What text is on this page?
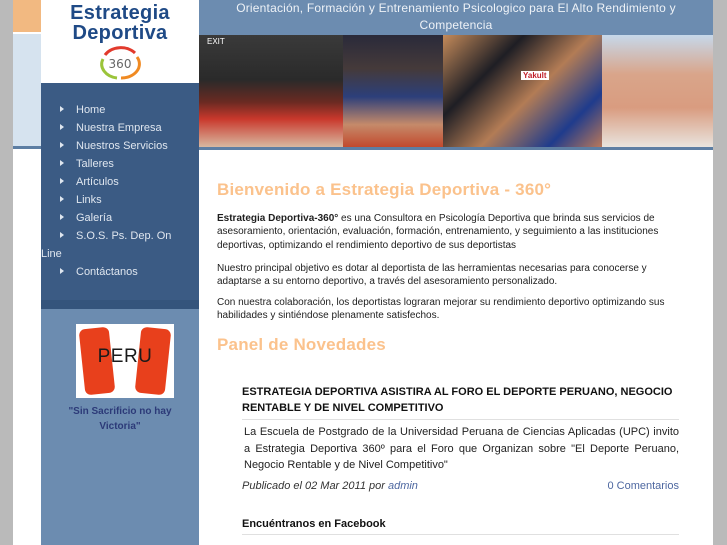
Estrategia
Deportiva
360
Home
Nuestra Empresa
Nuestros Servicios
Talleres
Artículos
Links
Galería
S.O.S. Ps. Dep. On
Line
Contáctanos
PERU
"Sin Sacrificio no hay Victoria"
Orientación, Formación y Entrenamiento Psicologico para El Alto Rendimiento y Competencia
EXIT
Yakult
Bienvenido a Estrategia Deportiva - 360°

Estrategia Deportiva-360° es una Consultora en Psicología Deportiva que brinda sus servicios de asesoramiento, orientación, evaluación, formación, entrenamiento, y seguimiento a las instituciones deportivas, optimizando el rendimiento deportivo de sus deportistas

Nuestro principal objetivo es dotar al deportista de las herramientas necesarias para conocerse y adaptarse a su entorno deportivo, a través del asesoramiento personalizado.

Con nuestra colaboración, los deportistas lograran mejorar su rendimiento deportivo optimizando sus habilidades y sintiéndose plenamente satisfechos.

Panel de Novedades
ESTRATEGIA DEPORTIVA ASISTIRA AL FORO EL DEPORTE PERUANO, NEGOCIO RENTABLE Y DE NIVEL COMPETITIVO
La Escuela de Postgrado de la Universidad Peruana de Ciencias Aplicadas (UPC) invito a Estrategia Deportiva 360º para el Foro que Organizan sobre "El Deporte Peruano, Negocio Rentable y de Nivel Competitivo"
Publicado el 02 Mar 2011 por admin	0 Comentarios
Encuéntranos en Facebook
